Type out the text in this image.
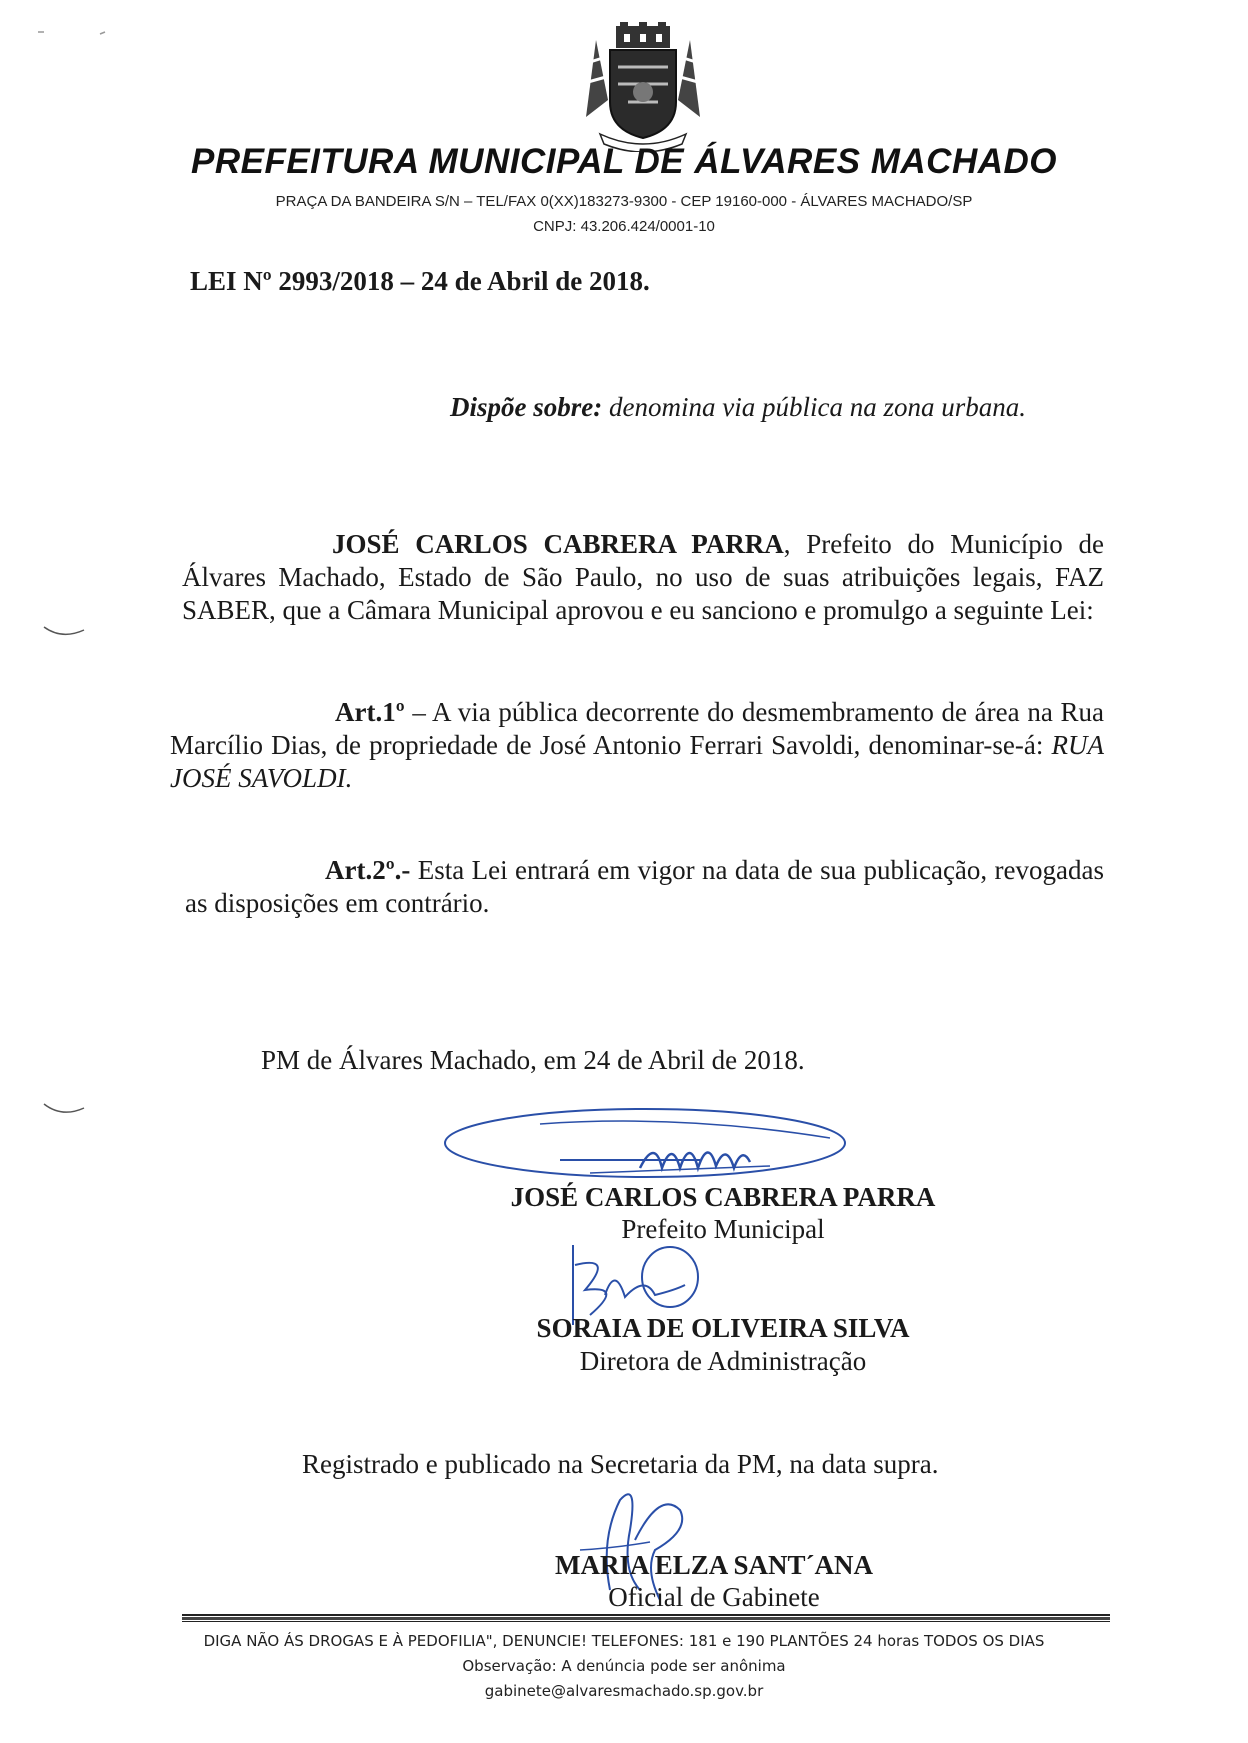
PREFEITURA MUNICIPAL DE ÁLVARES MACHADO
PRAÇA DA BANDEIRA S/N – TEL/FAX 0(XX)183273-9300 - CEP 19160-000 - ÁLVARES MACHADO/SP
CNPJ: 43.206.424/0001-10
LEI Nº 2993/2018 – 24 de Abril de 2018.
Dispõe sobre: denomina via pública na zona urbana.
JOSÉ CARLOS CABRERA PARRA, Prefeito do Município de Álvares Machado, Estado de São Paulo, no uso de suas atribuições legais, FAZ SABER, que a Câmara Municipal aprovou e eu sanciono e promulgo a seguinte Lei:
Art.1º – A via pública decorrente do desmembramento de área na Rua Marcílio Dias, de propriedade de José Antonio Ferrari Savoldi, denominar-se-á: RUA JOSÉ SAVOLDI.
Art.2º.- Esta Lei entrará em vigor na data de sua publicação, revogadas as disposições em contrário.
PM de Álvares Machado, em 24 de Abril de 2018.
JOSÉ CARLOS CABRERA PARRA
Prefeito Municipal
SORAIA DE OLIVEIRA SILVA
Diretora de Administração
Registrado e publicado na Secretaria da PM, na data supra.
MARIA ELZA SANT´ANA
Oficial de Gabinete
DIGA NÃO ÁS DROGAS E À PEDOFILIA", DENUNCIE! TELEFONES: 181 e 190 PLANTÕES 24 horas TODOS OS DIAS
Observação: A denúncia pode ser anônima
gabinete@alvaresmachado.sp.gov.br
